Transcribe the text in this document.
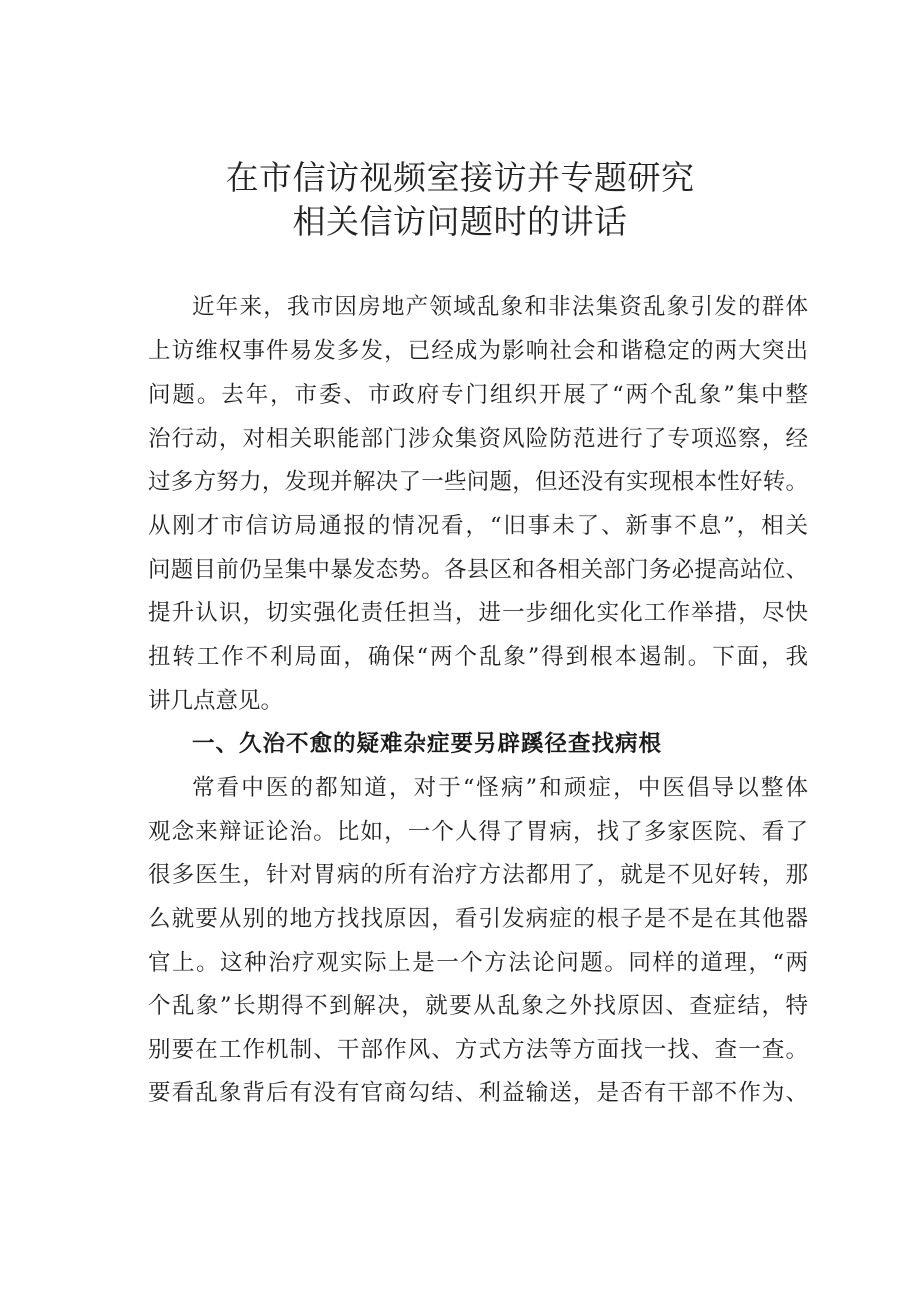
在市信访视频室接访并专题研究
相关信访问题时的讲话
近年来，我市因房地产领域乱象和非法集资乱象引发的群体
上访维权事件易发多发，已经成为影响社会和谐稳定的两大突出
问题。去年，市委、市政府专门组织开展了“两个乱象”集中整
治行动，对相关职能部门涉众集资风险防范进行了专项巡察，经
过多方努力，发现并解决了一些问题，但还没有实现根本性好转。
从刚才市信访局通报的情况看，“旧事未了、新事不息”，相关
问题目前仍呈集中暴发态势。各县区和各相关部门务必提高站位、
提升认识，切实强化责任担当，进一步细化实化工作举措，尽快
扭转工作不利局面，确保“两个乱象”得到根本遏制。下面，我
讲几点意见。
一、久治不愈的疑难杂症要另辟蹊径查找病根
常看中医的都知道，对于“怪病”和顽症，中医倡导以整体
观念来辩证论治。比如，一个人得了胃病，找了多家医院、看了
很多医生，针对胃病的所有治疗方法都用了，就是不见好转，那
么就要从别的地方找找原因，看引发病症的根子是不是在其他器
官上。这种治疗观实际上是一个方法论问题。同样的道理，“两
个乱象”长期得不到解决，就要从乱象之外找原因、查症结，特
别要在工作机制、干部作风、方式方法等方面找一找、查一查。
要看乱象背后有没有官商勾结、利益输送，是否有干部不作为、
